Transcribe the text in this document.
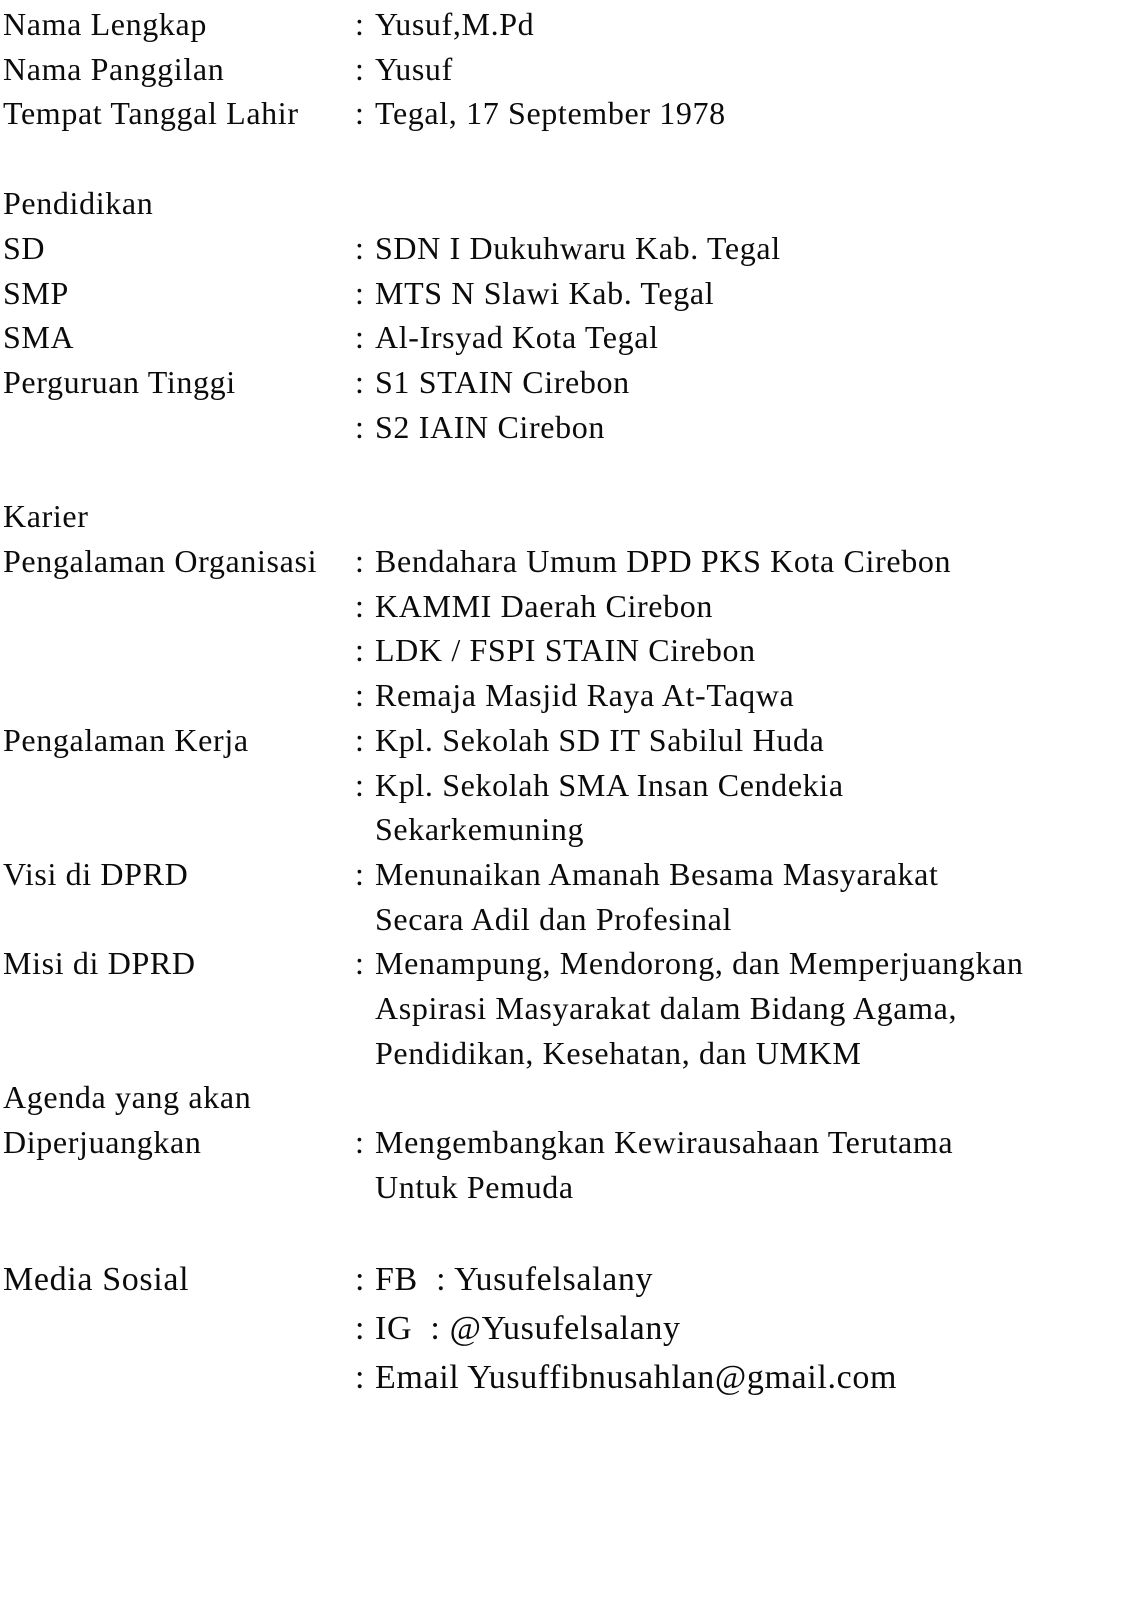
Nama Lengkap	: Yusuf,M.Pd
Nama Panggilan	: Yusuf
Tempat Tanggal Lahir	: Tegal, 17 September 1978
Pendidikan
SD	: SDN I Dukuhwaru Kab. Tegal
SMP	: MTS N Slawi Kab. Tegal
SMA	: Al-Irsyad Kota Tegal
Perguruan Tinggi	: S1 STAIN Cirebon
: S2 IAIN Cirebon
Karier
Pengalaman Organisasi	: Bendahara Umum DPD PKS Kota Cirebon
: KAMMI Daerah Cirebon
: LDK / FSPI STAIN Cirebon
: Remaja Masjid Raya At-Taqwa
Pengalaman Kerja	: Kpl. Sekolah SD IT Sabilul Huda
: Kpl. Sekolah SMA Insan Cendekia
Sekarkemuning
Visi di DPRD	: Menunaikan Amanah Besama Masyarakat
Secara Adil dan Profesinal
Misi di DPRD	: Menampung, Mendorong, dan Memperjuangkan
Aspirasi Masyarakat dalam Bidang Agama,
Pendidikan, Kesehatan, dan UMKM
Agenda yang akan
Diperjuangkan	: Mengembangkan Kewirausahaan Terutama
Untuk Pemuda
Media Sosial	: FB  : Yusufelsalany
: IG  : @Yusufelsalany
: Email Yusuffibnusahlan@gmail.com
